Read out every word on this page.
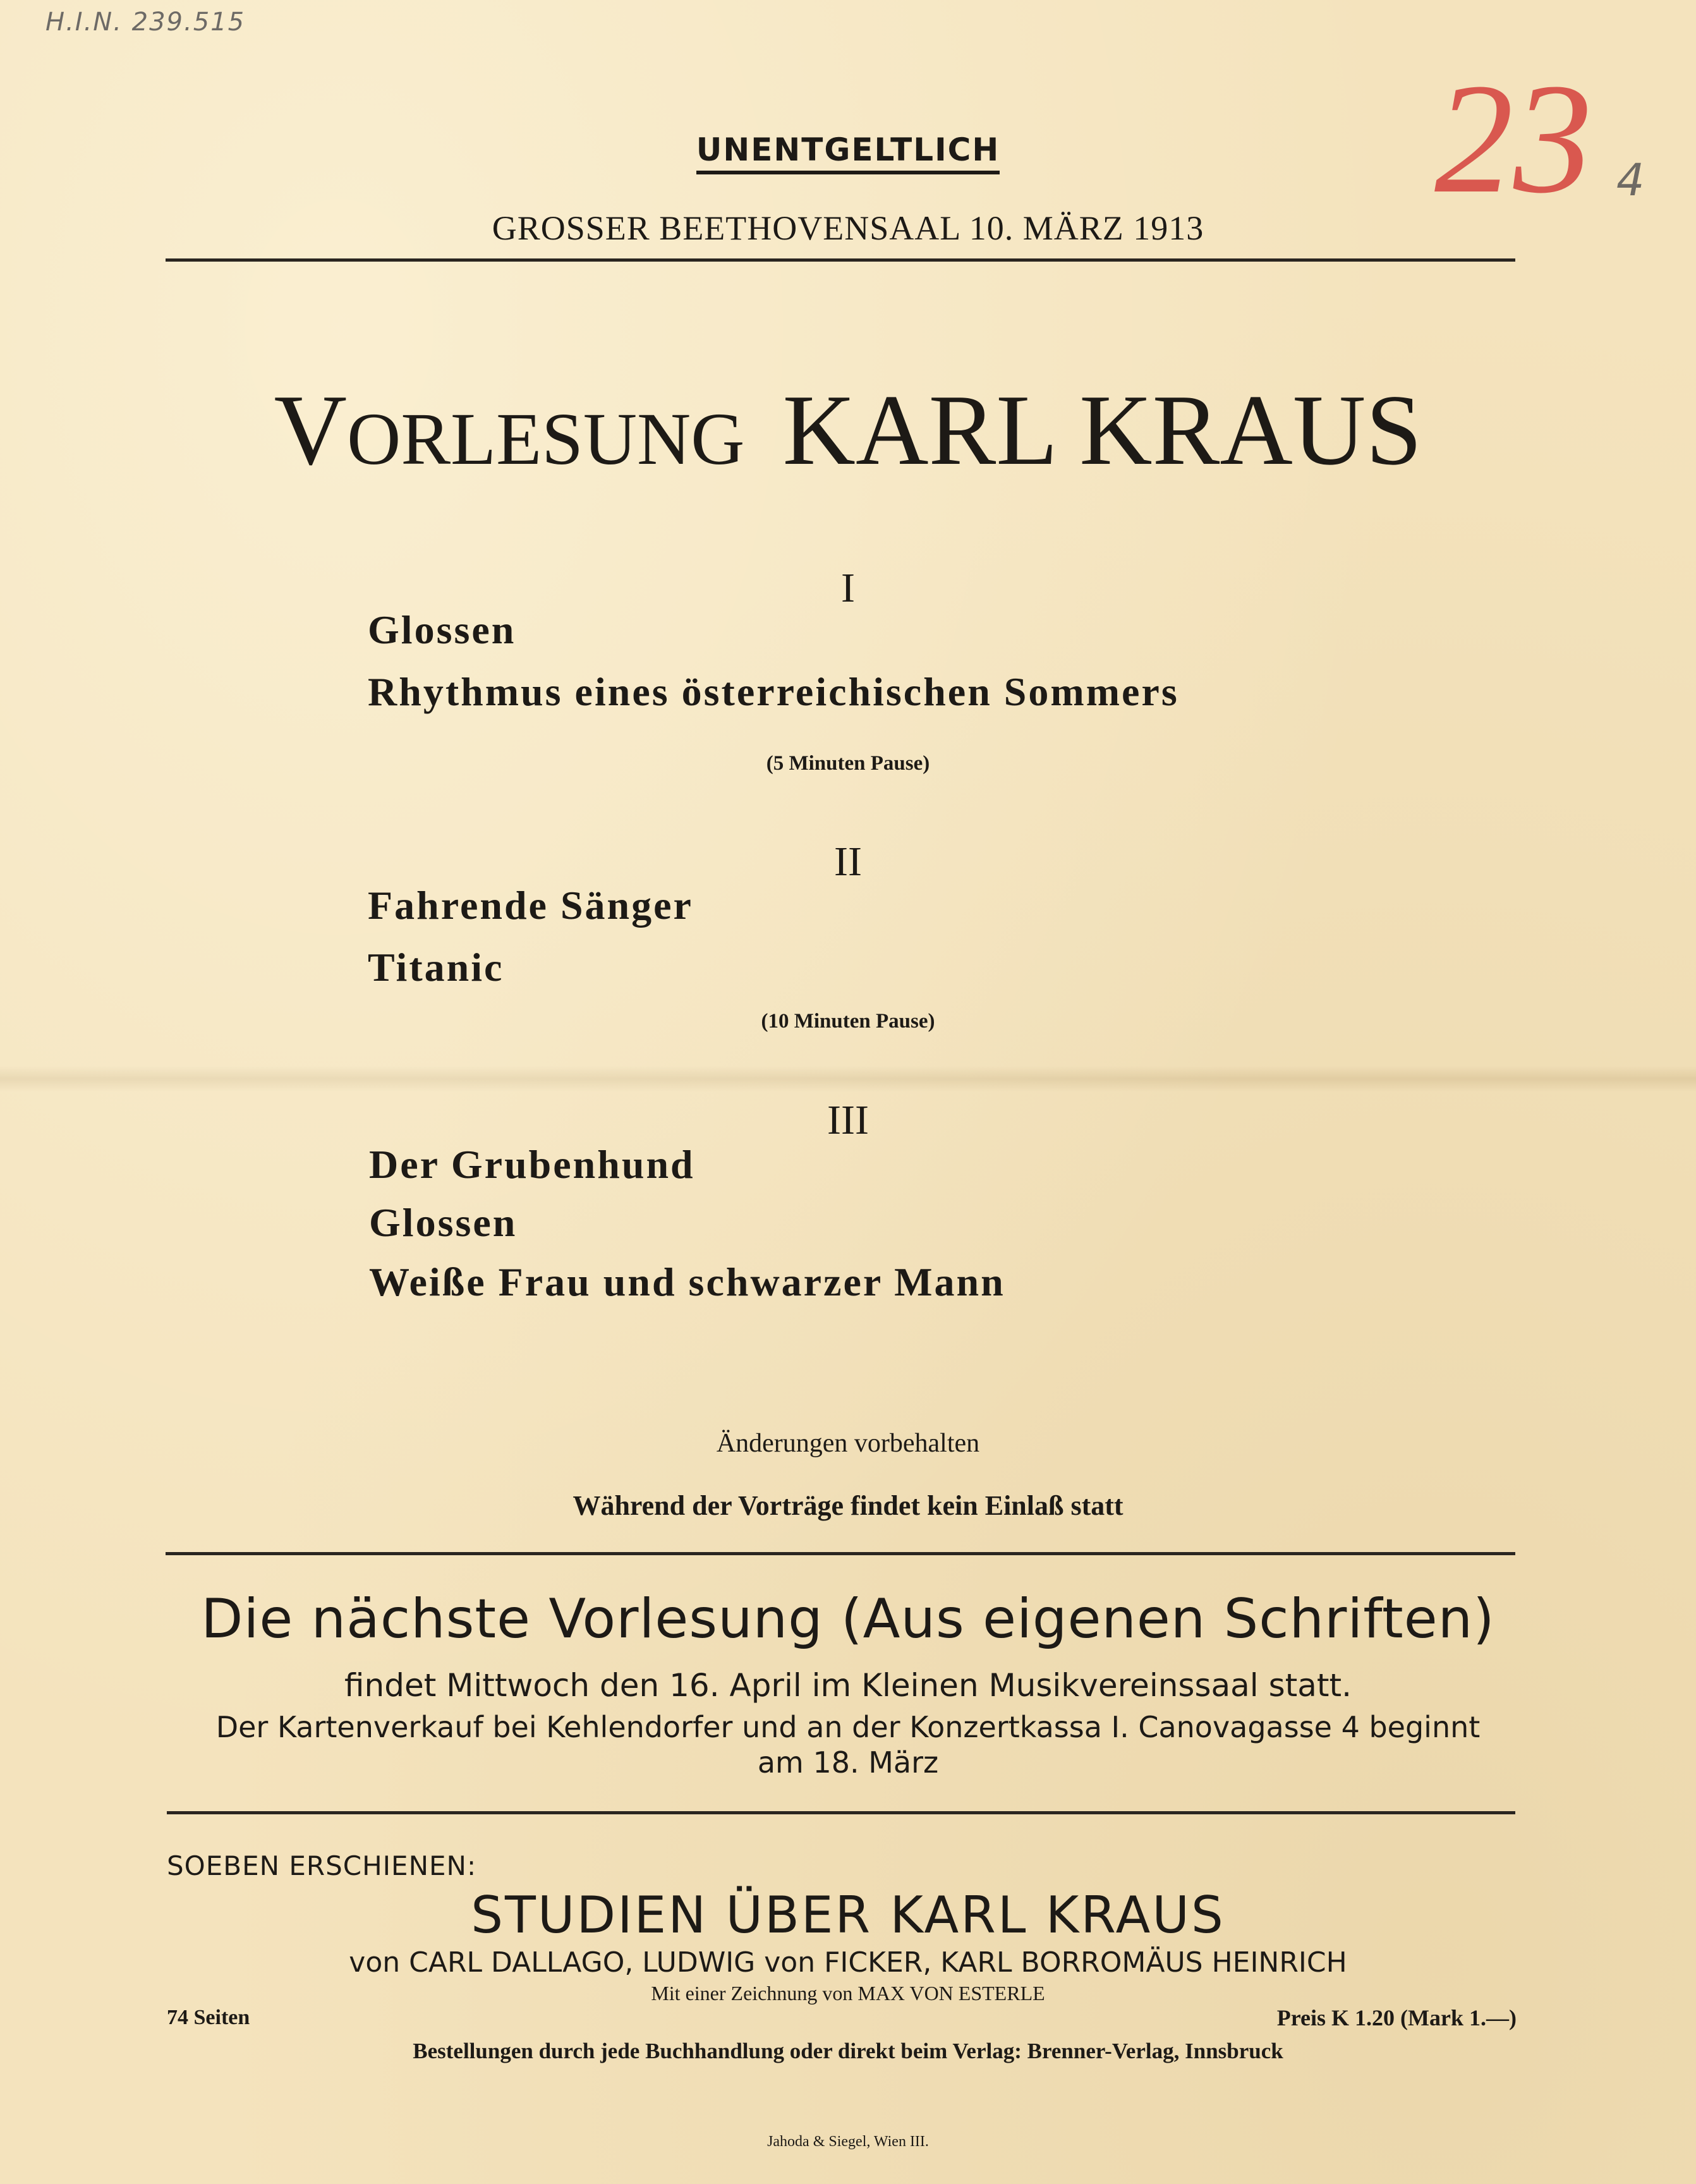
H.I.N. 239.515
23 4
UNENTGELTLICH
GROSSER BEETHOVENSAAL 10. MÄRZ 1913
VORLESUNG KARL KRAUS
I
Glossen
Rhythmus eines österreichischen Sommers
(5 Minuten Pause)
II
Fahrende Sänger
Titanic
(10 Minuten Pause)
III
Der Grubenhund
Glossen
Weiße Frau und schwarzer Mann
Änderungen vorbehalten
Während der Vorträge findet kein Einlaß statt
Die nächste Vorlesung (Aus eigenen Schriften)
findet Mittwoch den 16. April im Kleinen Musikvereinssaal statt.
Der Kartenverkauf bei Kehlendorfer und an der Konzertkassa I. Canovagasse 4 beginnt
am 18. März
SOEBEN ERSCHIENEN:
STUDIEN ÜBER KARL KRAUS
von CARL DALLAGO, LUDWIG von FICKER, KARL BORROMÄUS HEINRICH
Mit einer Zeichnung von MAX VON ESTERLE
74 Seiten	Preis K 1.20 (Mark 1.—)
Bestellungen durch jede Buchhandlung oder direkt beim Verlag: Brenner-Verlag, Innsbruck
Jahoda & Siegel, Wien III.
